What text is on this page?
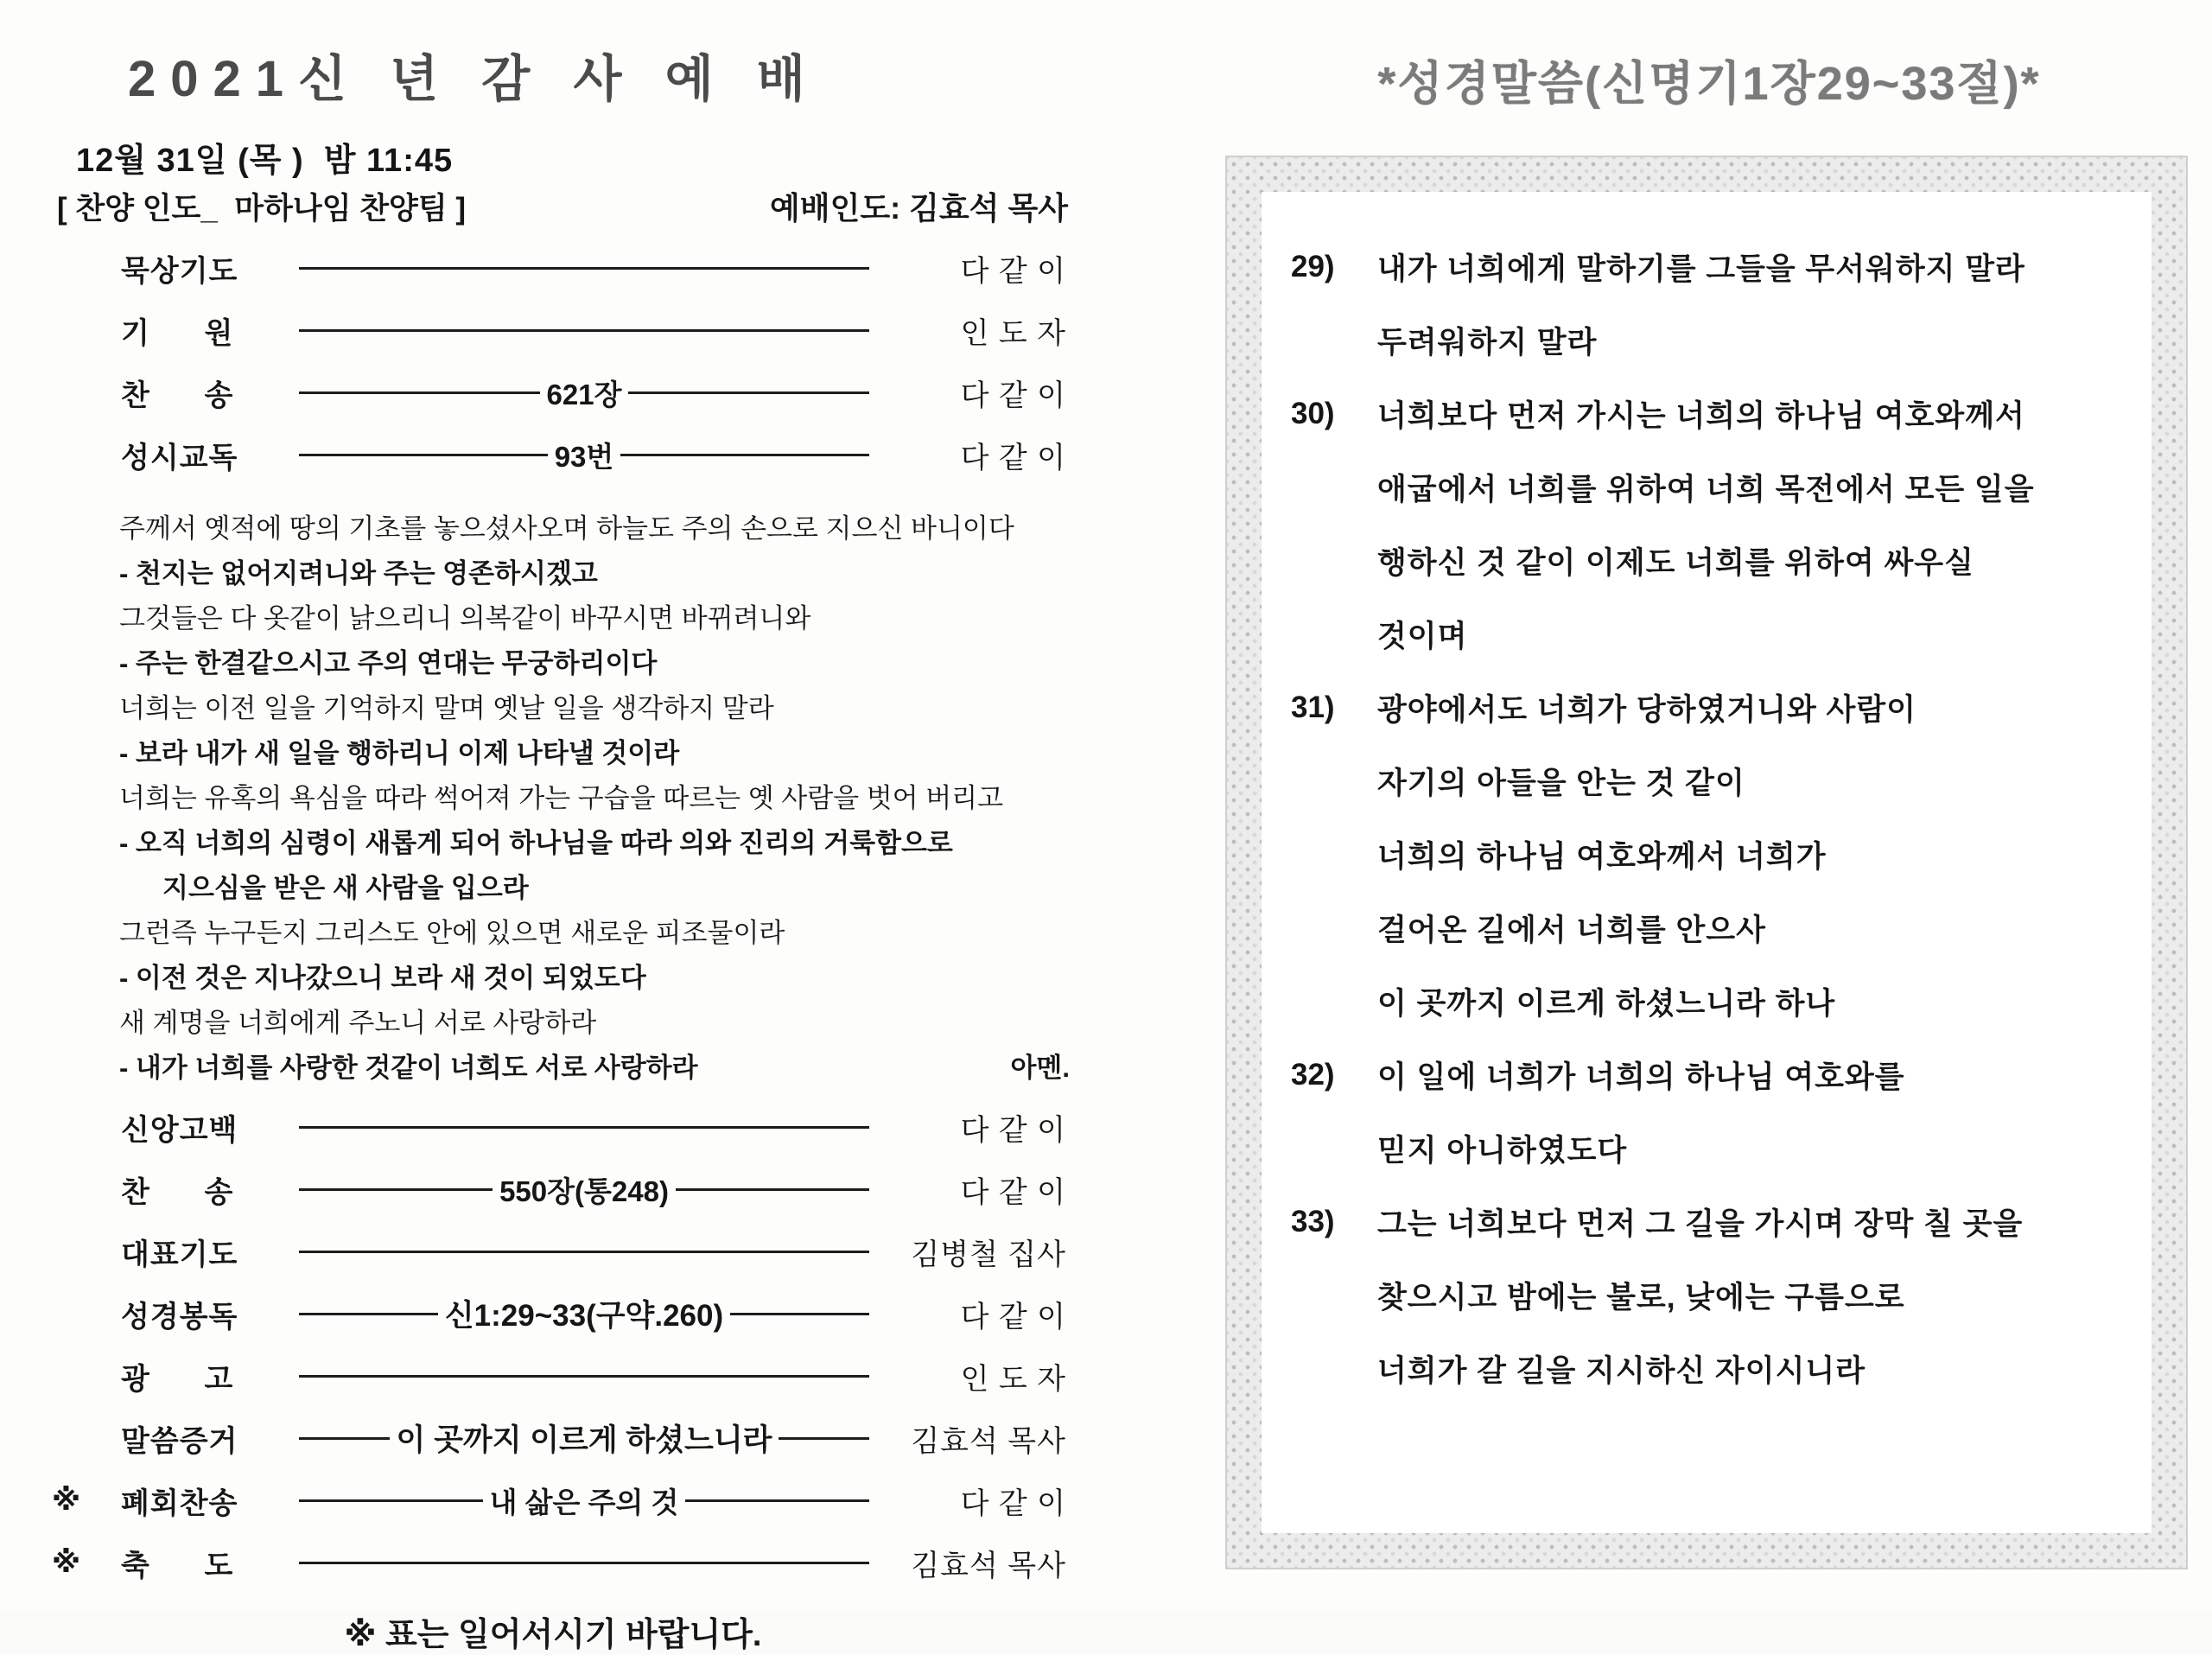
2021신 년 감 사 예 배
12월 31일 (목 )  밤 11:45
[ 찬양 인도_  마하나임 찬양팀 ]	예배인도: 김효석 목사
묵상기도	다 같 이
기      원	인 도 자
찬      송	621장	다 같 이
성시교독	93번	다 같 이
주께서 옛적에 땅의 기초를 놓으셨사오며 하늘도 주의 손으로 지으신 바니이다
- 천지는 없어지려니와 주는 영존하시겠고
그것들은 다 옷같이 낡으리니 의복같이 바꾸시면 바뀌려니와
- 주는 한결같으시고 주의 연대는 무궁하리이다
너희는 이전 일을 기억하지 말며 옛날 일을 생각하지 말라
- 보라 내가 새 일을 행하리니 이제 나타낼 것이라
너희는 유혹의 욕심을 따라 썩어져 가는 구습을 따르는 옛 사람을 벗어 버리고
- 오직 너희의 심령이 새롭게 되어 하나님을 따라 의와 진리의 거룩함으로
지으심을 받은 새 사람을 입으라
그런즉 누구든지 그리스도 안에 있으면 새로운 피조물이라
- 이전 것은 지나갔으니 보라 새 것이 되었도다
새 계명을 너희에게 주노니 서로 사랑하라
- 내가 너희를 사랑한 것같이 너희도 서로 사랑하라	아멘.
신앙고백	다 같 이
찬      송	550장(통248)	다 같 이
대표기도	김병철 집사
성경봉독	신1:29~33(구약.260)	다 같 이
광      고	인 도 자
말씀증거	이 곳까지 이르게 하셨느니라	김효석 목사
※	폐회찬송	내 삶은 주의 것	다 같 이
※	축      도	김효석 목사
※ 표는 일어서시기 바랍니다.
*성경말씀(신명기1장29~33절)*
29) 내가 너희에게 말하기를 그들을 무서워하지 말라
두려워하지 말라
30) 너희보다 먼저 가시는 너희의 하나님 여호와께서
애굽에서 너희를 위하여 너희 목전에서 모든 일을
행하신 것 같이 이제도 너희를 위하여 싸우실
것이며
31) 광야에서도 너희가 당하였거니와 사람이
자기의 아들을 안는 것 같이
너희의 하나님 여호와께서 너희가
걸어온 길에서 너희를 안으사
이 곳까지 이르게 하셨느니라 하나
32) 이 일에 너희가 너희의 하나님 여호와를
믿지 아니하였도다
33) 그는 너희보다 먼저 그 길을 가시며 장막 칠 곳을
찾으시고 밤에는 불로, 낮에는 구름으로
너희가 갈 길을 지시하신 자이시니라
